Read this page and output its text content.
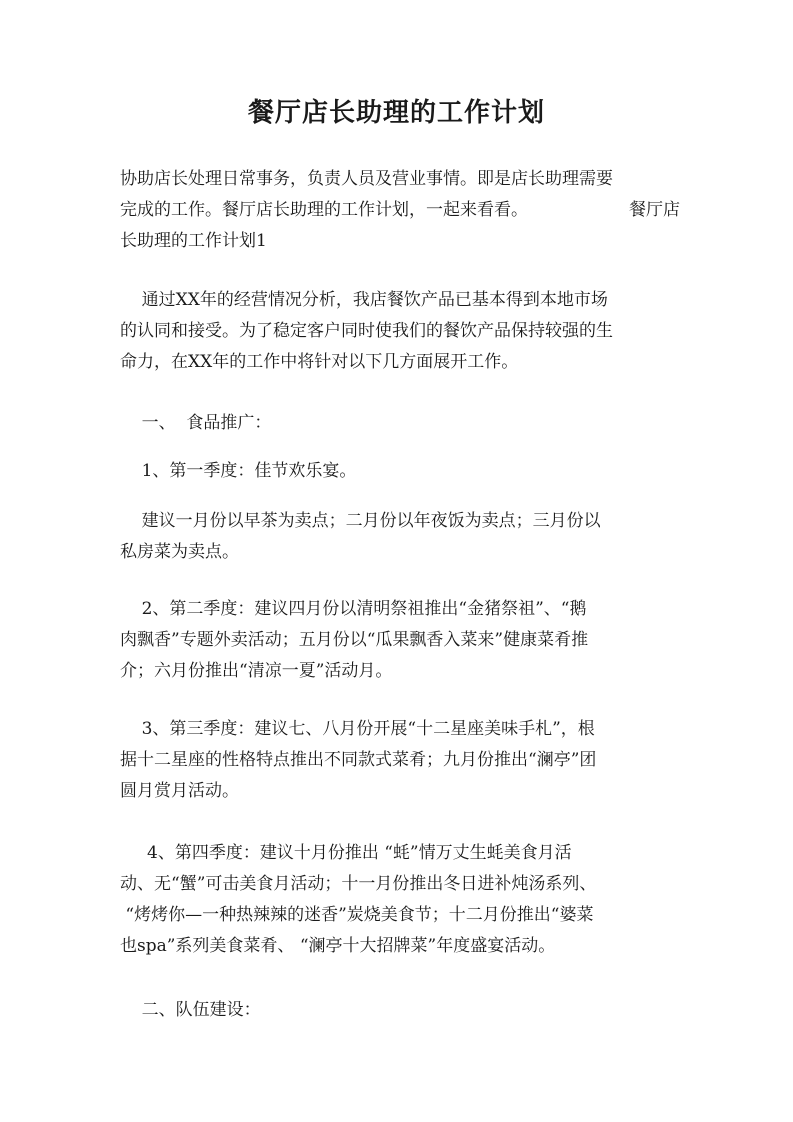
餐厅店长助理的工作计划
协助店长处理日常事务，负责人员及营业事情。即是店长助理需要
完成的工作。餐厅店长助理的工作计划，一起来看看。	餐厅店
长助理的工作计划1
通过XX年的经营情况分析，我店餐饮产品已基本得到本地市场
的认同和接受。为了稳定客户同时使我们的餐饮产品保持较强的生
命力，在XX年的工作中将针对以下几方面展开工作。
一、  食品推广：
1、第一季度：佳节欢乐宴。
建议一月份以早茶为卖点；二月份以年夜饭为卖点；三月份以
私房菜为卖点。
2、第二季度：建议四月份以清明祭祖推出“金猪祭祖”、“鹅
肉飘香”专题外卖活动；五月份以“瓜果飘香入菜来”健康菜肴推
介；六月份推出“清凉一夏”活动月。
3、第三季度：建议七、八月份开展“十二星座美味手札”，根
据十二星座的性格特点推出不同款式菜肴；九月份推出“澜亭”团
圆月赏月活动。
4、第四季度：建议十月份推出 “蚝”情万丈生蚝美食月活
动、无“蟹”可击美食月活动；十一月份推出冬日进补炖汤系列、
“烤烤你—一种热辣辣的迷香”炭烧美食节；十二月份推出“婆菜
也spa”系列美食菜肴、 “澜亭十大招牌菜”年度盛宴活动。
二、队伍建设：
